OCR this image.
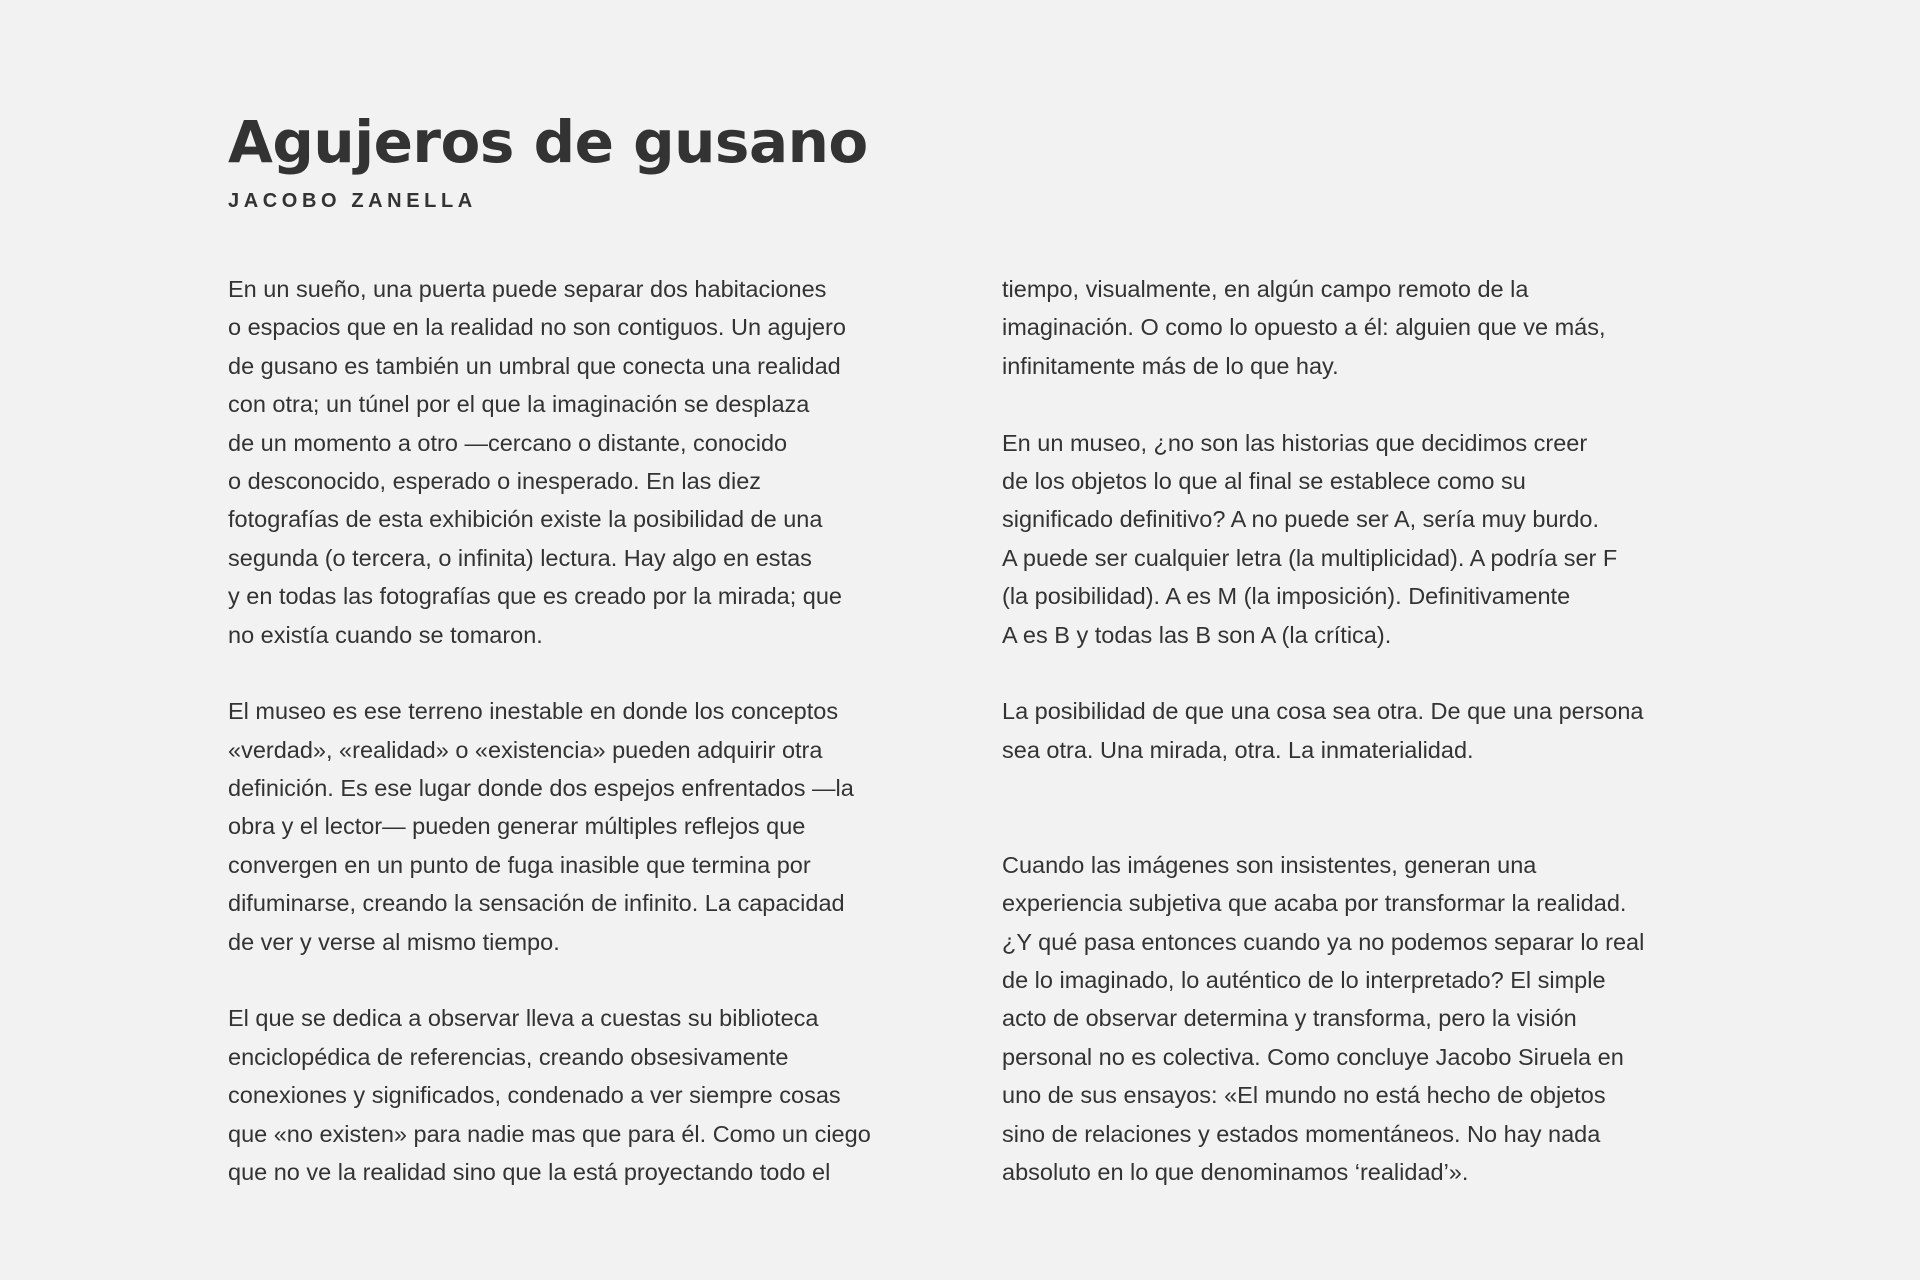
Agujeros de gusano
JACOBO ZANELLA

En un sueño, una puerta puede separar dos habitaciones
o espacios que en la realidad no son contiguos. Un agujero
de gusano es también un umbral que conecta una realidad
con otra; un túnel por el que la imaginación se desplaza
de un momento a otro —cercano o distante, conocido
o desconocido, esperado o inesperado. En las diez
fotografías de esta exhibición existe la posibilidad de una
segunda (o tercera, o infinita) lectura. Hay algo en estas
y en todas las fotografías que es creado por la mirada; que
no existía cuando se tomaron.

El museo es ese terreno inestable en donde los conceptos
«verdad», «realidad» o «existencia» pueden adquirir otra
definición. Es ese lugar donde dos espejos enfrentados —la
obra y el lector— pueden generar múltiples reflejos que
convergen en un punto de fuga inasible que termina por
difuminarse, creando la sensación de infinito. La capacidad
de ver y verse al mismo tiempo.

El que se dedica a observar lleva a cuestas su biblioteca
enciclopédica de referencias, creando obsesivamente
conexiones y significados, condenado a ver siempre cosas
que «no existen» para nadie mas que para él. Como un ciego
que no ve la realidad sino que la está proyectando todo el

tiempo, visualmente, en algún campo remoto de la
imaginación. O como lo opuesto a él: alguien que ve más,
infinitamente más de lo que hay.

En un museo, ¿no son las historias que decidimos creer
de los objetos lo que al final se establece como su
significado definitivo? A no puede ser A, sería muy burdo.
A puede ser cualquier letra (la multiplicidad). A podría ser F
(la posibilidad). A es M (la imposición). Definitivamente
A es B y todas las B son A (la crítica).

La posibilidad de que una cosa sea otra. De que una persona
sea otra. Una mirada, otra. La inmaterialidad.

Cuando las imágenes son insistentes, generan una
experiencia subjetiva que acaba por transformar la realidad.
¿Y qué pasa entonces cuando ya no podemos separar lo real
de lo imaginado, lo auténtico de lo interpretado? El simple
acto de observar determina y transforma, pero la visión
personal no es colectiva. Como concluye Jacobo Siruela en
uno de sus ensayos: «El mundo no está hecho de objetos
sino de relaciones y estados momentáneos. No hay nada
absoluto en lo que denominamos ‘realidad’».
